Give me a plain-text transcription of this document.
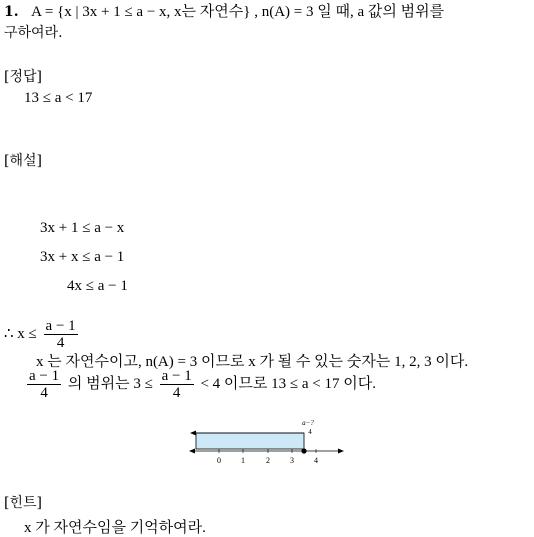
1. A = {x | 3x + 1 ≤ a − x, x는 자연수} , n(A) = 3 일 때, a 값의 범위를
구하여라.
[정답]
13 ≤ a < 17
[해설]
3x + 1 ≤ a − x
3x + x ≤ a − 1
4x ≤ a − 1
∴ $x \le \frac{a - 1}{4}$
x 는 자연수이고, n(A) = 3 이므로 x 가 될 수 있는 숫자는 1, 2, 3 이다.
$\frac{a - 1}{4}$ 의 범위는 $3 \le \frac{a - 1}{4} < 4$ 이므로 13 ≤ a < 17 이다.
0	1	2	3	4
a−?
4
[힌트]
x 가 자연수임을 기억하여라.
